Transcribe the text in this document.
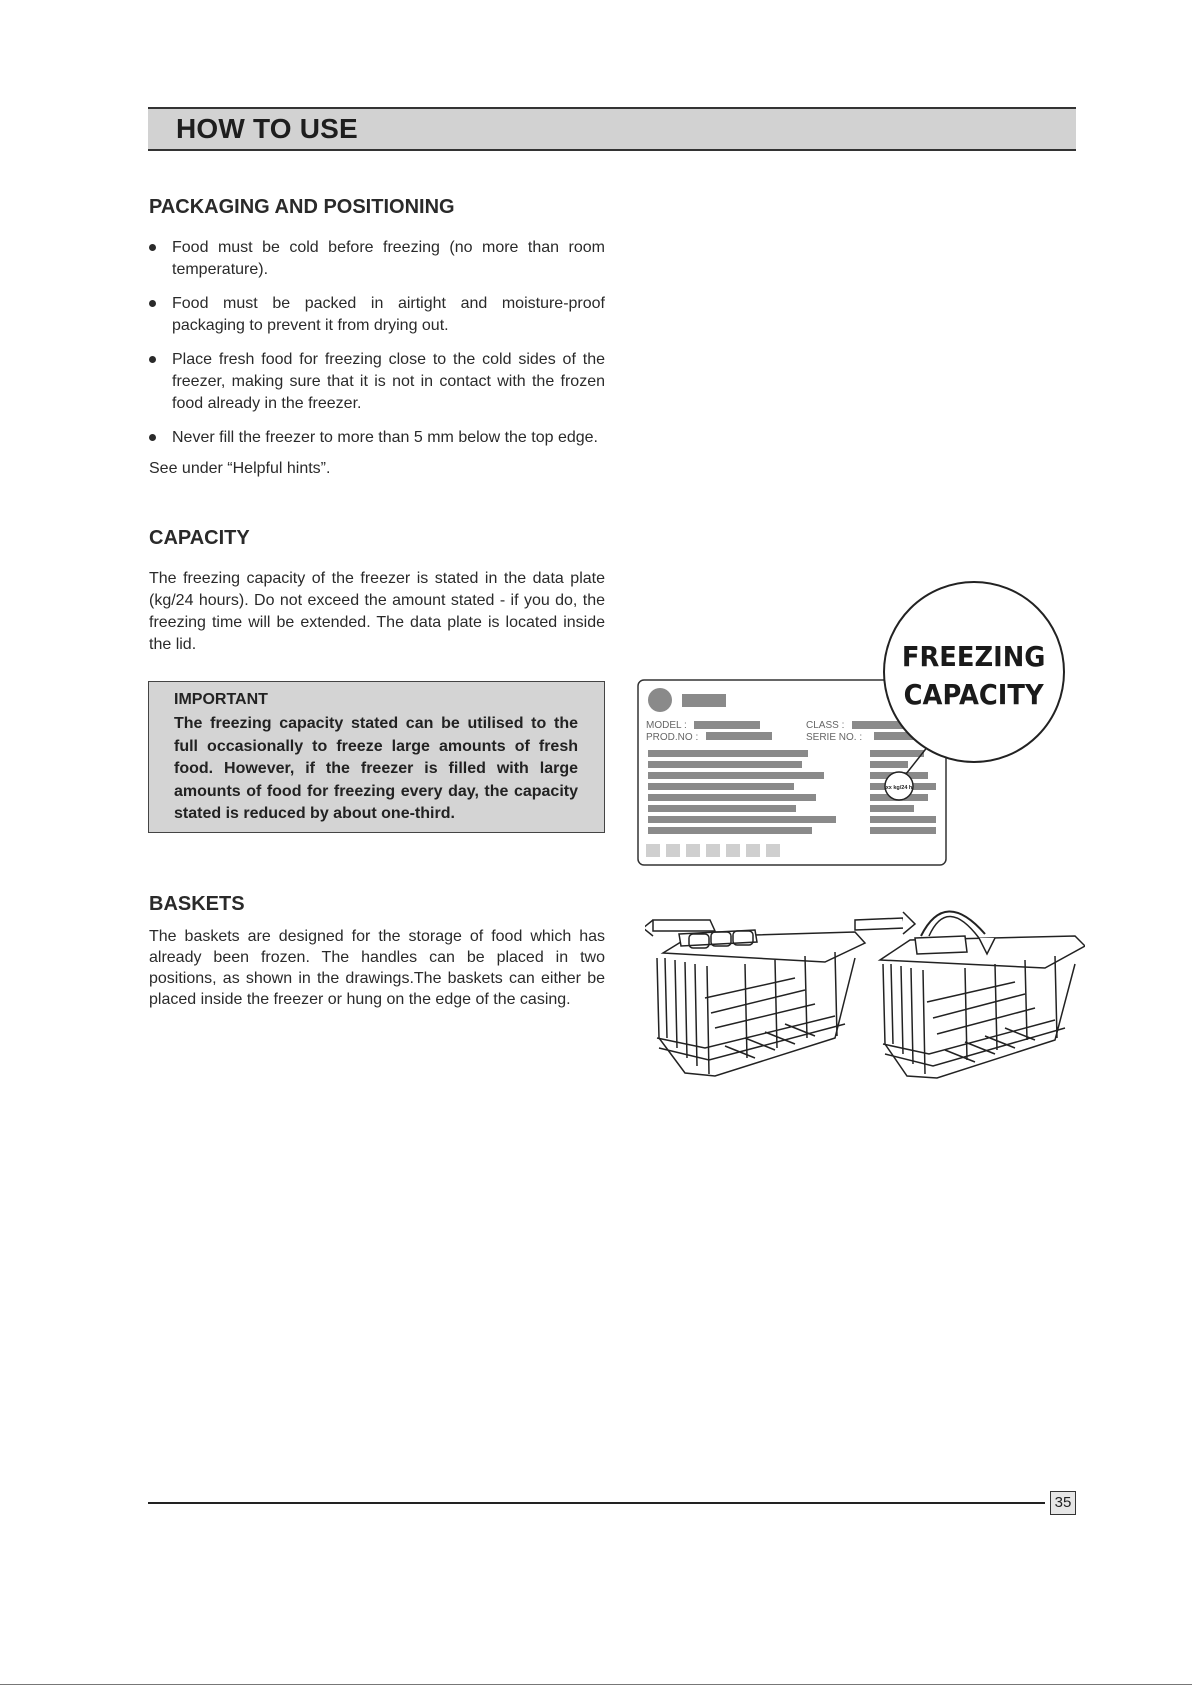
HOW TO USE
PACKAGING AND POSITIONING
Food must be cold before freezing (no more than room temperature).
Food must be packed in airtight and moisture-proof packaging to prevent it from drying out.
Place fresh food for freezing close to the cold sides of the freezer, making sure that it is not in contact with the frozen food already in the freezer.
Never fill the freezer to more than 5 mm below the top edge.

See under “Helpful hints”.

CAPACITY

The freezing capacity of the freezer is stated in the data plate (kg/24 hours). Do not exceed the amount stated - if you do, the freezing time will be extended. The data plate is located inside the lid.

IMPORTANT
The freezing capacity stated can be utilised to the full occasionally to freeze large amounts of fresh food. However, if the freezer is filled with large amounts of food for freezing every day, the capacity stated is reduced by about one-third.
MODEL :
PROD.NO :
CLASS :
SERIE NO. :
xx kg/24 h
FREEZING
CAPACITY
BASKETS

The baskets are designed for the storage of food which has already been frozen. The handles can be placed in two positions, as shown in the drawings.The baskets can either be placed inside the freezer or hung on the edge of the casing.

35
